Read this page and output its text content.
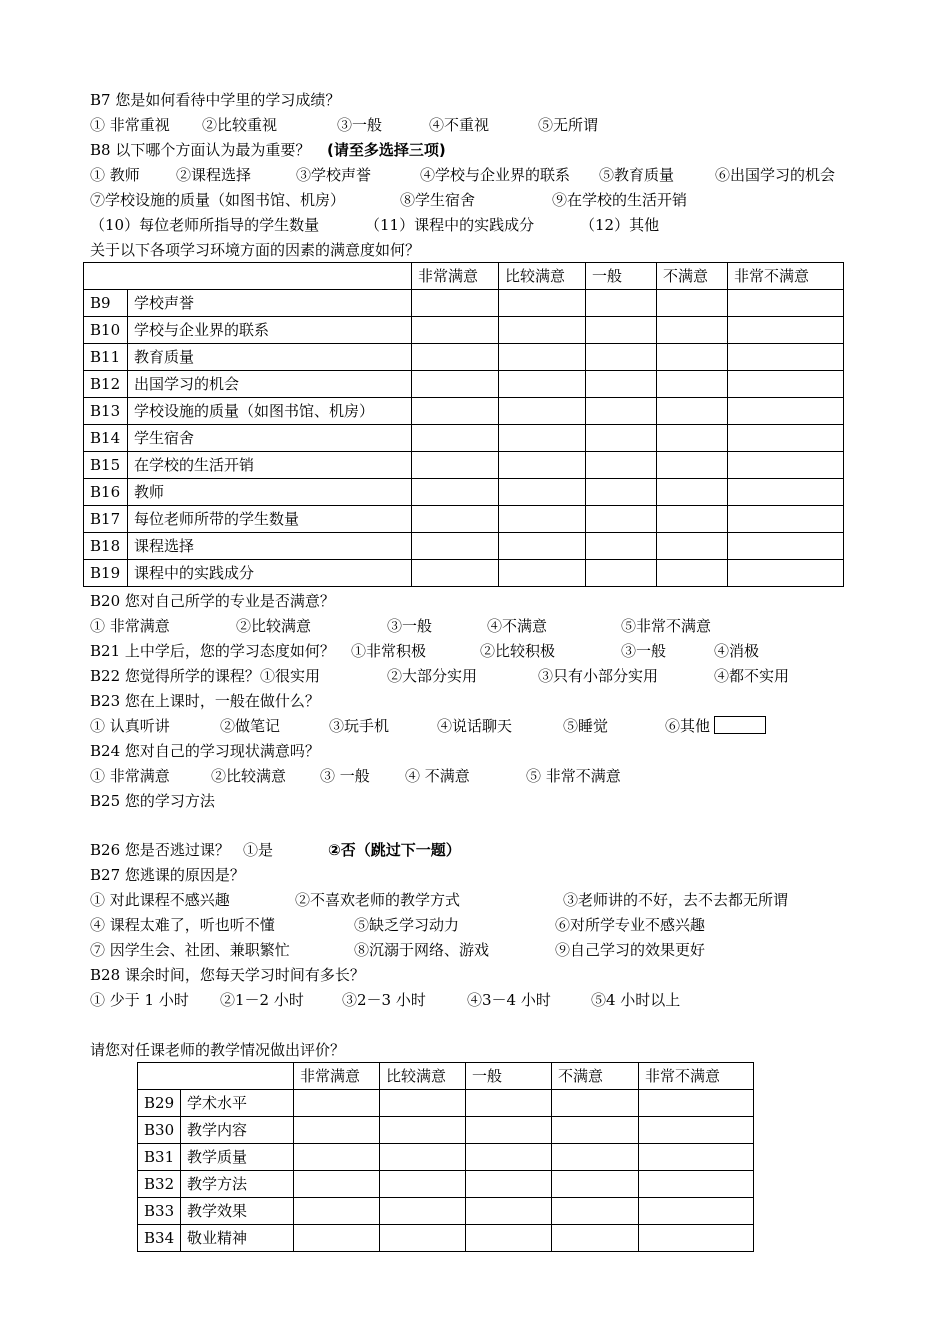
B7 您是如何看待中学里的学习成绩？
① 非常重视 ②比较重视	③一般	④不重视	⑤无所谓
B8 以下哪个方面认为最为重要？ (请至多选择三项)
① 教师 ②课程选择	③学校声誉	④学校与企业界的联系 ⑤教育质量	⑥出国学习的机会
⑦学校设施的质量（如图书馆、机房）	⑧学生宿舍	⑨在学校的生活开销
（10）每位老师所指导的学生数量	（11）课程中的实践成分	（12）其他
关于以下各项学习环境方面的因素的满意度如何？
		非常满意	比较满意	一般	不满意	非常不满意
B9	学校声誉					
B10	学校与企业界的联系					
B11	教育质量					
B12	出国学习的机会					
B13	学校设施的质量（如图书馆、机房）					
B14	学生宿舍					
B15	在学校的生活开销					
B16	教师					
B17	每位老师所带的学生数量					
B18	课程选择					
B19	课程中的实践成分					
B20 您对自己所学的专业是否满意？
① 非常满意	②比较满意	③一般	④不满意	⑤非常不满意
B21 上中学后，您的学习态度如何？ ①非常积极	②比较积极	③一般	④消极
B22 您觉得所学的课程？ ①很实用	②大部分实用	③只有小部分实用	④都不实用
B23 您在上课时，一般在做什么？
① 认真听讲	②做笔记	③玩手机	④说话聊天	⑤睡觉	⑥其他
B24 您对自己的学习现状满意吗？
① 非常满意	②比较满意 ③ 一般 ④ 不满意	⑤ 非常不满意
B25 您的学习方法
B26 您是否逃过课？ ①是	②否（跳过下一题）
B27 您逃课的原因是？
① 对此课程不感兴趣	②不喜欢老师的教学方式	③老师讲的不好，去不去都无所谓
④ 课程太难了，听也听不懂	⑤缺乏学习动力	⑥对所学专业不感兴趣
⑦ 因学生会、社团、兼职繁忙	⑧沉溺于网络、游戏	⑨自己学习的效果更好
B28 课余时间，您每天学习时间有多长？
① 少于 1 小时 ②1－2 小时	③2－3 小时	④3－4 小时	⑤4 小时以上
请您对任课老师的教学情况做出评价？
		非常满意	比较满意	一般	不满意	非常不满意
B29	学术水平					
B30	教学内容					
B31	教学质量					
B32	教学方法					
B33	教学效果					
B34	敬业精神					
